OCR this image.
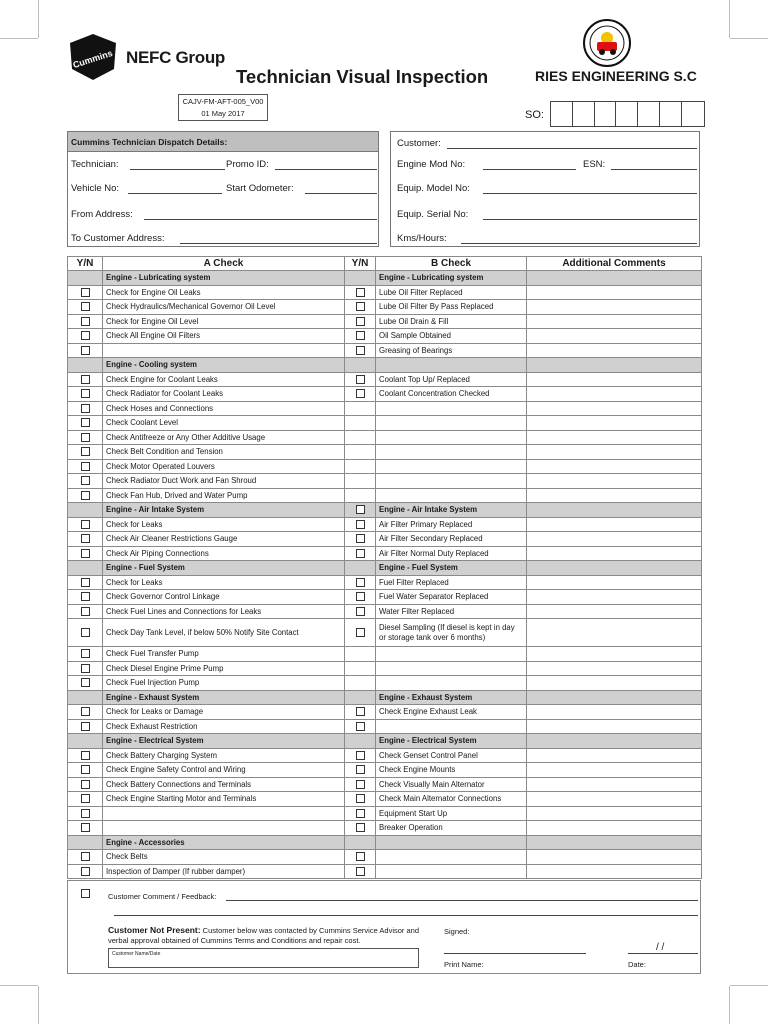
Cummins NEFC Group
Technician Visual Inspection	RIES ENGINEERING S.C
CAJV-FM-AFT-005_V00
01 May 2017	SO:
Cummins Technician Dispatch Details:
Technician:	Promo ID:
Vehicle No:	Start Odometer:
From Address:
To Customer Address:
Customer:
Engine Mod No:	ESN:
Equip. Model No:
Equip. Serial No:
Kms/Hours:
Y/N	A Check	Y/N	B Check	Additional Comments
	Engine - Lubricating system		Engine - Lubricating system	
	Check for Engine Oil Leaks		Lube Oil Filter Replaced	
	Check Hydraulics/Mechanical Governor Oil Level		Lube Oil Filter By Pass Replaced	
	Check for Engine Oil Level		Lube Oil Drain & Fill	
	Check All Engine Oil Filters		Oil Sample Obtained	
			Greasing of Bearings	
	Engine - Cooling system			
	Check Engine for Coolant Leaks		Coolant Top Up/ Replaced	
	Check Radiator for Coolant Leaks		Coolant Concentration Checked	
	Check Hoses and Connections			
	Check Coolant Level			
	Check Antifreeze or Any Other Additive Usage			
	Check Belt Condition and Tension			
	Check Motor Operated Louvers			
	Check Radiator Duct Work and Fan Shroud			
	Check Fan Hub, Drived and Water Pump			
	Engine - Air Intake System		Engine - Air Intake System	
	Check for Leaks		Air Filter Primary Replaced	
	Check Air Cleaner Restrictions Gauge		Air Filter Secondary Replaced	
	Check Air Piping Connections		Air Filter Normal Duty Replaced	
	Engine - Fuel System		Engine - Fuel System	
	Check for Leaks		Fuel Filter Replaced	
	Check Governor Control Linkage		Fuel Water Separator Replaced	
	Check Fuel Lines and Connections for Leaks		Water Filter Replaced	
	Check Day Tank Level, if below 50% Notify Site Contact		Diesel Sampling (If diesel is kept in day or storage tank over 6 months)	
	Check Fuel Transfer Pump			
	Check Diesel Engine Prime Pump			
	Check Fuel Injection Pump			
	Engine - Exhaust System		Engine - Exhaust System	
	Check for Leaks or Damage		Check Engine Exhaust Leak	
	Check Exhaust Restriction			
	Engine - Electrical System		Engine - Electrical System	
	Check Battery Charging System		Check Genset Control Panel	
	Check Engine Safety Control and Wiring		Check Engine Mounts	
	Check Battery Connections and Terminals		Check Visually Main Alternator	
	Check Engine Starting Motor and Terminals		Check Main Alternator Connections	
			Equipment Start Up	
			Breaker Operation	
	Engine - Accessories			
	Check Belts			
	Inspection of Damper (If rubber damper)			
Customer Comment / Feedback:
Customer Not Present: Customer below was contacted by Cummins Service Advisor and verbal approval obtained of Cummins Terms and Conditions and repair cost.
Customer Name/Date
Signed:
Print Name:
/ /
Date:
